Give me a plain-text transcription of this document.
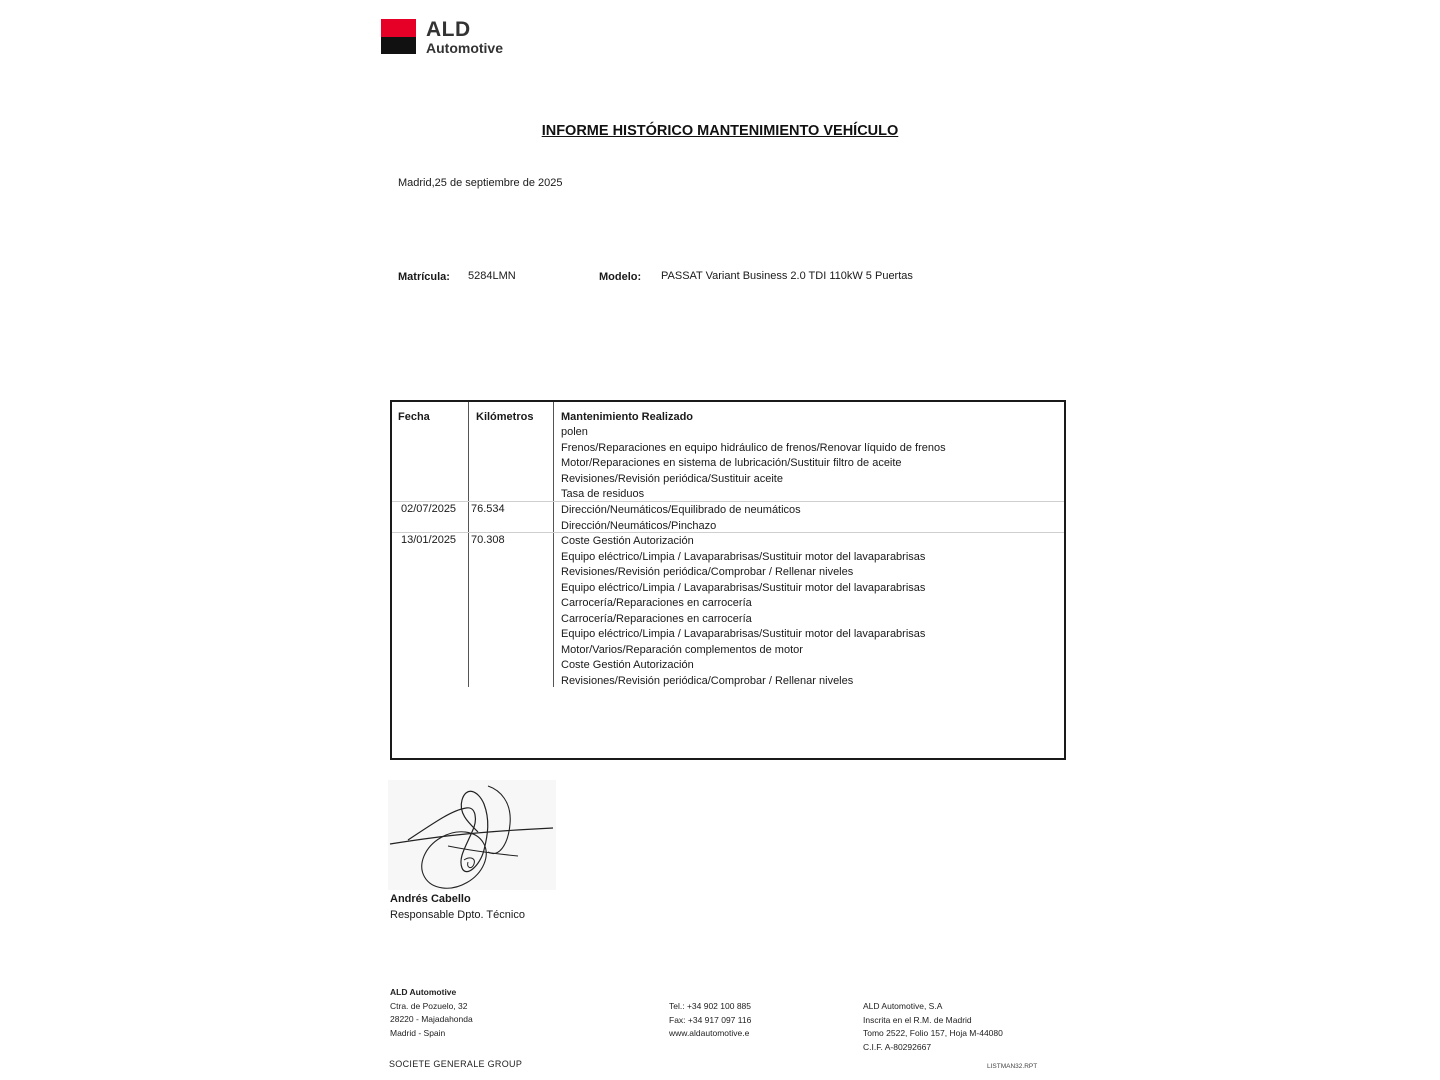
ALD
Automotive
INFORME HISTÓRICO MANTENIMIENTO VEHÍCULO
Madrid,25 de septiembre de 2025
Matrícula: 5284LMN	Modelo: PASSAT Variant Business 2.0 TDI 110kW 5 Puertas
Fecha	Kilómetros	Mantenimiento Realizado
polen
Frenos/Reparaciones en equipo hidráulico de frenos/Renovar líquido de frenos
Motor/Reparaciones en sistema de lubricación/Sustituir filtro de aceite
Revisiones/Revisión periódica/Sustituir aceite
Tasa de residuos
02/07/2025 76.534	Dirección/Neumáticos/Equilibrado de neumáticos
Dirección/Neumáticos/Pinchazo
13/01/2025 70.308	Coste Gestión Autorización
Equipo eléctrico/Limpia / Lavaparabrisas/Sustituir motor del lavaparabrisas
Revisiones/Revisión periódica/Comprobar / Rellenar niveles
Equipo eléctrico/Limpia / Lavaparabrisas/Sustituir motor del lavaparabrisas
Carrocería/Reparaciones en carrocería
Carrocería/Reparaciones en carrocería
Equipo eléctrico/Limpia / Lavaparabrisas/Sustituir motor del lavaparabrisas
Motor/Varios/Reparación complementos de motor
Coste Gestión Autorización
Revisiones/Revisión periódica/Comprobar / Rellenar niveles
Andrés Cabello
Responsable Dpto. Técnico
ALD Automotive
Ctra. de Pozuelo, 32
28220 - Majadahonda
Madrid - Spain
Tel.: +34 902 100 885
Fax: +34 917 097 116
www.aldautomotive.e
ALD Automotive, S.A
Inscrita en el R.M. de Madrid
Tomo 2522, Folio 157, Hoja M-44080
C.I.F. A-80292667
SOCIETE GENERALE GROUP	LISTMAN32.RPT
